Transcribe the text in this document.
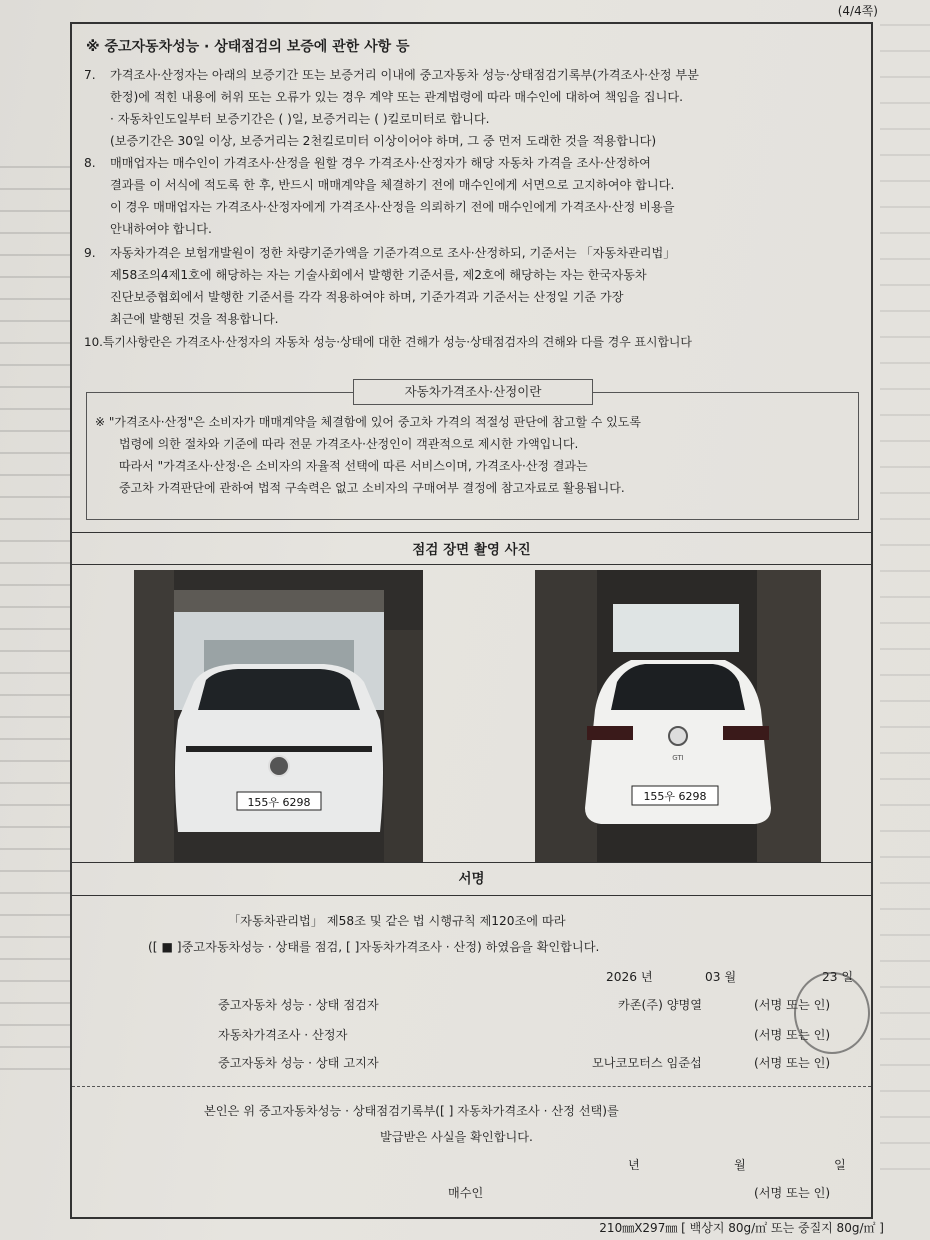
(4/4쪽)
※ 중고자동차성능 · 상태점검의 보증에 관한 사항 등
7. 가격조사·산정자는 아래의 보증기간 또는 보증거리 이내에 중고자동차 성능·상태점검기록부(가격조사·산정 부분
한정)에 적힌 내용에 허위 또는 오류가 있는 경우 계약 또는 관계법령에 따라 매수인에 대하여 책임을 집니다.
· 자동차인도일부터 보증기간은 ( )일, 보증거리는 ( )킬로미터로 합니다.
(보증기간은 30일 이상, 보증거리는 2천킬로미터 이상이어야 하며, 그 중 먼저 도래한 것을 적용합니다)
8. 매매업자는 매수인이 가격조사·산정을 원할 경우 가격조사·산정자가 해당 자동차 가격을 조사·산정하여
결과를 이 서식에 적도록 한 후, 반드시 매매계약을 체결하기 전에 매수인에게 서면으로 고지하여야 합니다.
이 경우 매매업자는 가격조사·산정자에게 가격조사·산정을 의뢰하기 전에 매수인에게 가격조사·산정 비용을
안내하여야 합니다.
9. 자동차가격은 보험개발원이 정한 차량기준가액을 기준가격으로 조사·산정하되, 기준서는 「자동차관리법」
제58조의4제1호에 해당하는 자는 기술사회에서 발행한 기준서를, 제2호에 해당하는 자는 한국자동차
진단보증협회에서 발행한 기준서를 각각 적용하여야 하며, 기준가격과 기준서는 산정일 기준 가장
최근에 발행된 것을 적용합니다.
10.특기사항란은 가격조사·산정자의 자동차 성능·상태에 대한 견해가 성능·상태점검자의 견해와 다를 경우 표시합니다
자동차가격조사·산정이란
※ "가격조사·산정"은 소비자가 매매계약을 체결함에 있어 중고차 가격의 적절성 판단에 참고할 수 있도록
법령에 의한 절차와 기준에 따라 전문 가격조사·산정인이 객관적으로 제시한 가액입니다.
따라서 "가격조사·산정·은 소비자의 자율적 선택에 따른 서비스이며, 가격조사·산정 결과는
중고차 가격판단에 관하여 법적 구속력은 없고 소비자의 구매여부 결정에 참고자료로 활용됩니다.
점검 장면 촬영 사진
155우 6298
GTI
155우 6298
서명
「자동차관리법」 제58조 및 같은 법 시행규칙 제120조에 따라
([ ■ ]중고자동차성능 · 상태를 점검, [ ]자동차가격조사 · 산정) 하였음을 확인합니다.
2026 년	03 월	23 일
중고자동차 성능 · 상태 점검자	카존(주) 양명열	(서명 또는 인)
자동차가격조사 · 산정자	(서명 또는 인)
중고자동차 성능 · 상태 고지자	모나코모터스 임준섭	(서명 또는 인)
본인은 위 중고자동차성능 · 상태점검기록부([ ] 자동차가격조사 · 산정 선택)를
발급받은 사실을 확인합니다.
년	월	일
매수인	(서명 또는 인)
210㎜X297㎜ [ 백상지 80g/㎡ 또는 중질지 80g/㎡ ]
